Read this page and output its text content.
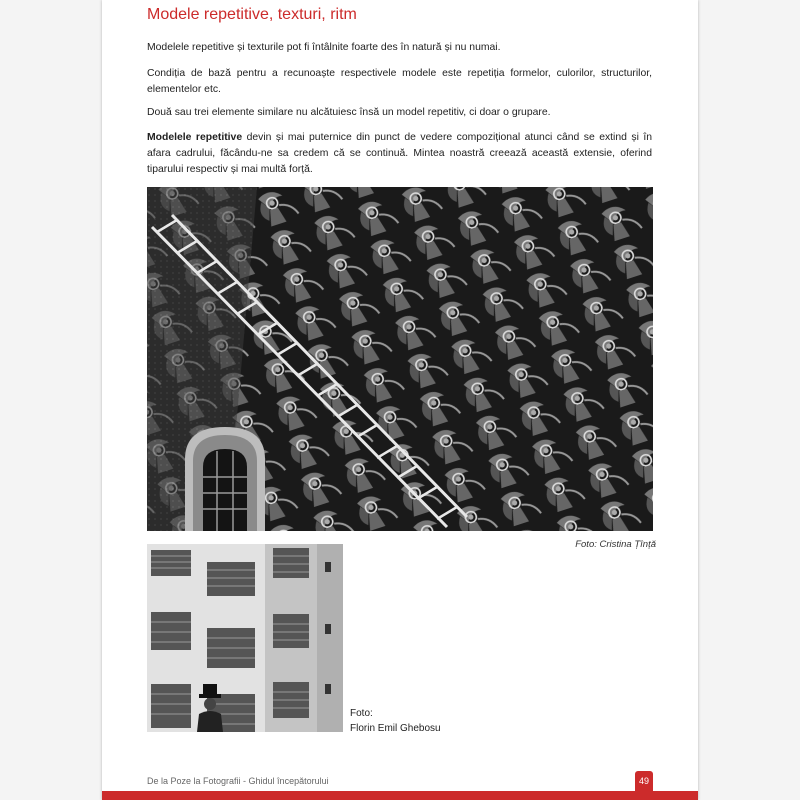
Modele repetitive, texturi, ritm

Modelele repetitive și texturile pot fi întâlnite foarte des în natură și nu numai.

Condiția de bază pentru a recunoaște respectivele modele este repetiția formelor, culorilor, structurilor, elementelor etc.

Două sau trei elemente similare nu alcătuiesc însă un model repetitiv, ci doar o grupare.

Modelele repetitive devin și mai puternice din punct de vedere compozițional atunci când se extind și în afara cadrului, făcându-ne sa credem că se continuă. Mintea noastră creează această extensie, oferind tiparului respectiv și mai multă forță.

Foto: Cristina Țînță
Foto:
Florin Emil Ghebosu
De la Poze la Fotografii - Ghidul începătorului	49
